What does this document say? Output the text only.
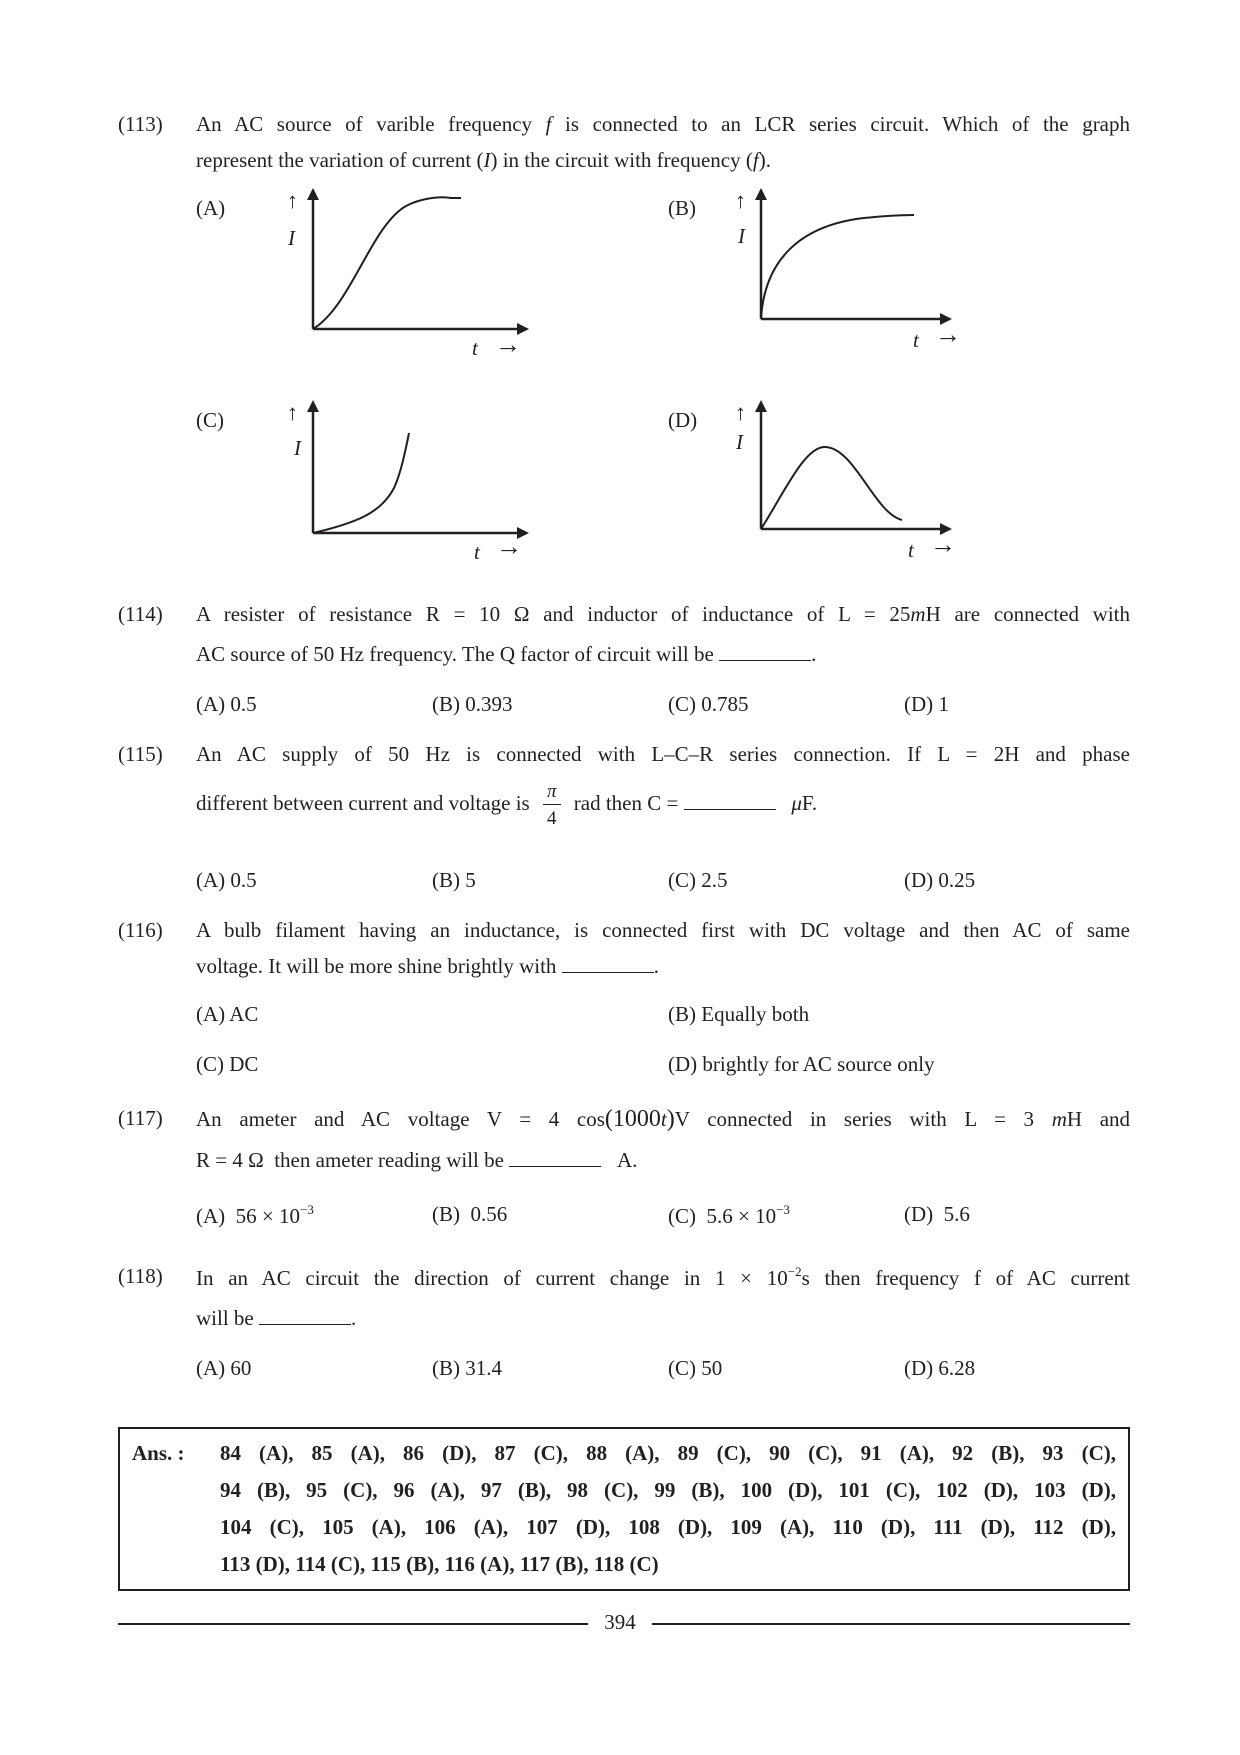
(113) An AC source of varible frequency f is connected to an LCR series circuit. Which of the graph
represent the variation of current (I) in the circuit with frequency (f).
(A)	↑
I
t →
(B) ↑
I
t →
(C)	↑
I
t →
(D) ↑
I
t →
(114) A resister of resistance R = 10 Ω and inductor of inductance of L = 25mH are connected with
AC source of 50 Hz frequency. The Q factor of circuit will be	.
(A) 0.5	(B) 0.393	(C) 0.785	(D) 1
(115) An AC supply of 50 Hz is connected with L–C–R series connection. If L = 2H and phase
different between current and voltage is $\frac{\pi}{4}$ rad then C =	μF.
(A) 0.5	(B) 5	(C) 2.5	(D) 0.25
(116) A bulb filament having an inductance, is connected first with DC voltage and then AC of same
voltage. It will be more shine brightly with	.
(A) AC	(B) Equally both
(C) DC	(D) brightly for AC source only
(117) An ameter and AC voltage V = 4 cos(1000t)V connected in series with L = 3 mH and
R = 4 Ω then ameter reading will be	A.
(A) $56 \times 10^{-3}$	(B) 0.56	(C) $5.6 \times 10^{-3}$	(D) 5.6
(118) In an AC circuit the direction of current change in $1 \times 10^{-2}s$ then frequency f of AC current
will be	.
(A) 60	(B) 31.4	(C) 50	(D) 6.28
Ans. : 84 (A), 85 (A), 86 (D), 87 (C), 88 (A), 89 (C), 90 (C), 91 (A), 92 (B), 93 (C),
94 (B), 95 (C), 96 (A), 97 (B), 98 (C), 99 (B), 100 (D), 101 (C), 102 (D), 103 (D),
104 (C), 105 (A), 106 (A), 107 (D), 108 (D), 109 (A), 110 (D), 111 (D), 112 (D),
113 (D), 114 (C), 115 (B), 116 (A), 117 (B), 118 (C)
394
